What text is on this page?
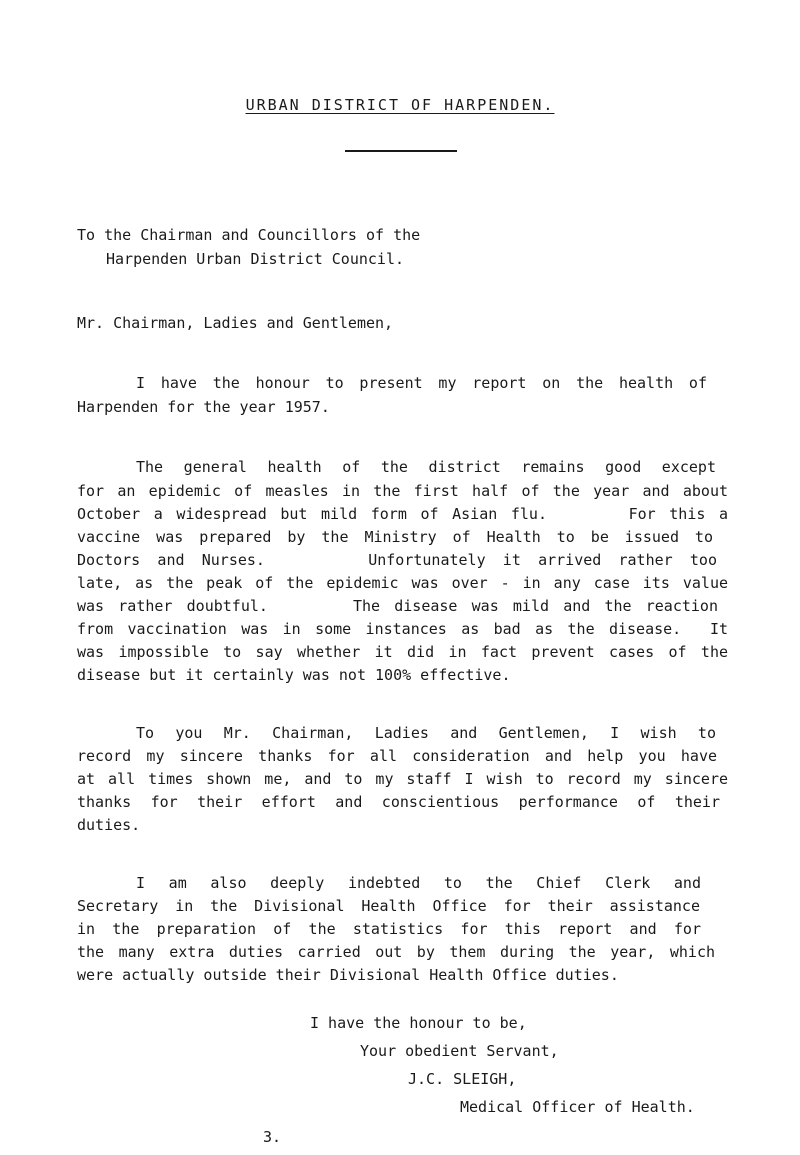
URBAN DISTRICT OF HARPENDEN.
To the Chairman and Councillors of the
Harpenden Urban District Council.
Mr. Chairman, Ladies and Gentlemen,
I have the honour to present my report on the health of
Harpenden for the year 1957.
The general health of the district remains good except
for an epidemic of measles in the first half of the year and about
October a widespread but mild form of Asian flu.      For this a
vaccine was prepared by the Ministry of Health to be issued to
Doctors and Nurses.      Unfortunately it arrived rather too
late, as the peak of the epidemic was over - in any case its value
was rather doubtful.      The disease was mild and the reaction
from vaccination was in some instances as bad as the disease.  It
was impossible to say whether it did in fact prevent cases of the
disease but it certainly was not 100% effective.
To you Mr. Chairman, Ladies and Gentlemen, I wish to
record my sincere thanks for all consideration and help you have
at all times shown me, and to my staff I wish to record my sincere
thanks for their effort and conscientious performance of their
duties.
I am also deeply indebted to the Chief Clerk and
Secretary in the Divisional Health Office for their assistance
in the preparation of the statistics for this report and for
the many extra duties carried out by them during the year, which
were actually outside their Divisional Health Office duties.
I have the honour to be,
Your obedient Servant,
J.C. SLEIGH,
Medical Officer of Health.
3.
